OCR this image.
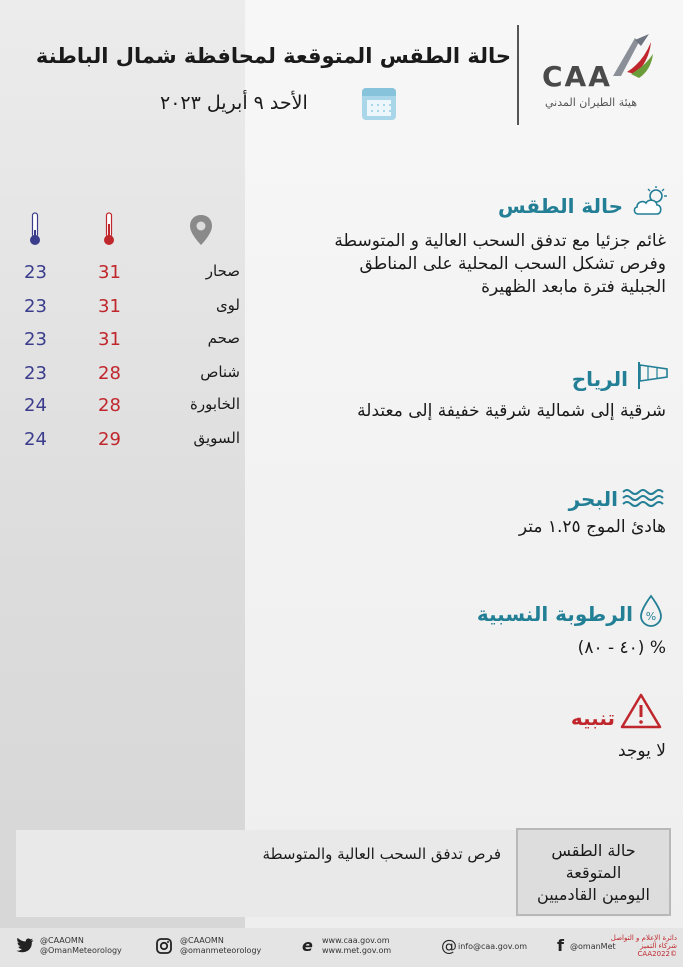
حالة الطقس المتوقعة لمحافظة شمال الباطنة
الأحد ٩ أبريل ٢٠٢٣
CAA
هيئة الطيران المدني
23	31	صحار
23	31	لوى
23	31	صحم
23	28	شناص
24	28	الخابورة
24	29	السويق
حالة الطقس
غائم جزئيا مع تدفق السحب العالية و المتوسطة
وفرص تشكل السحب المحلية على المناطق
الجبلية فترة مابعد الظهيرة
الرياح
شرقية إلى شمالية شرقية خفيفة إلى معتدلة
البحر
هادئ الموج ١.٢٥ متر
%
الرطوبة النسبية
% (٤٠ - ٨٠)
تنبيه
لا يوجد
حالة الطقس
المتوقعة
اليومين القادميين
فرص تدفق السحب العالية والمتوسطة
@CAAOMN
@OmanMeteorology
@CAAOMN
@omanmeteorology	e www.caa.gov.om
www.met.gov.om	@ info@caa.gov.om f @omanMet
دائرة الإعلام و التواصل
شركاء التميز
©CAA2022
